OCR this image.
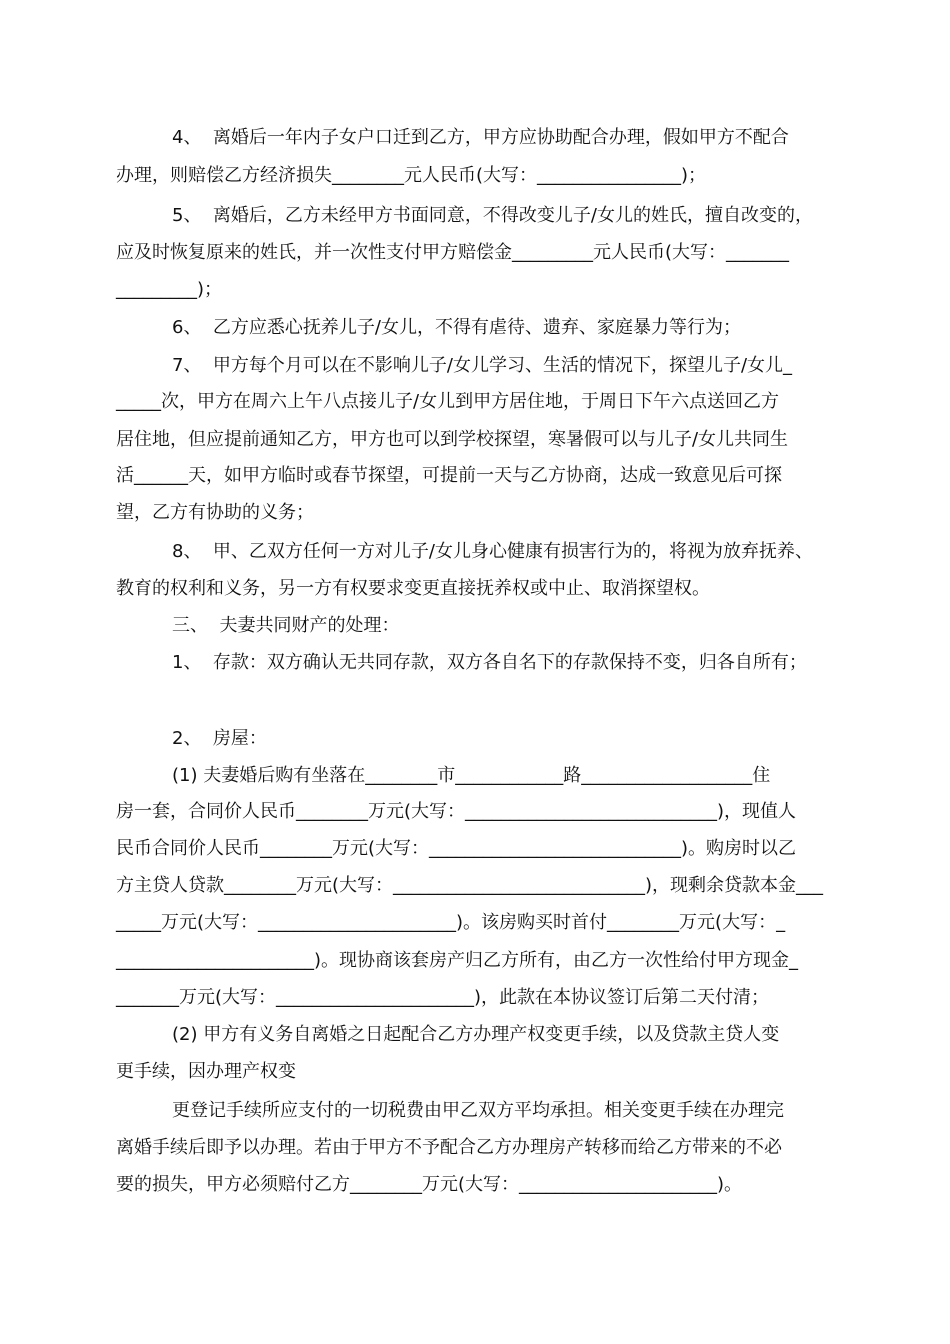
4、  离婚后一年内子女户口迁到乙方，甲方应协助配合办理，假如甲方不配合
办理，则赔偿乙方经济损失________元人民币(大写：________________)；
5、  离婚后，乙方未经甲方书面同意，不得改变儿子/女儿的姓氏，擅自改变的，
应及时恢复原来的姓氏，并一次性支付甲方赔偿金_________元人民币(大写：_______
_________)；
6、  乙方应悉心抚养儿子/女儿，不得有虐待、遗弃、家庭暴力等行为；
7、  甲方每个月可以在不影响儿子/女儿学习、生活的情况下，探望儿子/女儿_
_____次，甲方在周六上午八点接儿子/女儿到甲方居住地，于周日下午六点送回乙方
居住地，但应提前通知乙方，甲方也可以到学校探望，寒暑假可以与儿子/女儿共同生
活______天，如甲方临时或春节探望，可提前一天与乙方协商，达成一致意见后可探
望，乙方有协助的义务；
8、  甲、乙双方任何一方对儿子/女儿身心健康有损害行为的，将视为放弃抚养、
教育的权利和义务，另一方有权要求变更直接抚养权或中止、取消探望权。
三、  夫妻共同财产的处理：
1、  存款：双方确认无共同存款，双方各自名下的存款保持不变，归各自所有；
2、  房屋：
(1) 夫妻婚后购有坐落在________市____________路___________________住
房一套，合同价人民币________万元(大写：____________________________)，现值人
民币合同价人民币________万元(大写：____________________________)。购房时以乙
方主贷人贷款________万元(大写：____________________________)，现剩余贷款本金___
_____万元(大写：______________________)。该房购买时首付________万元(大写：_
______________________)。现协商该套房产归乙方所有，由乙方一次性给付甲方现金_
_______万元(大写：______________________)，此款在本协议签订后第二天付清；
(2) 甲方有义务自离婚之日起配合乙方办理产权变更手续，以及贷款主贷人变
更手续，因办理产权变
更登记手续所应支付的一切税费由甲乙双方平均承担。相关变更手续在办理完
离婚手续后即予以办理。若由于甲方不予配合乙方办理房产转移而给乙方带来的不必
要的损失，甲方必须赔付乙方________万元(大写：______________________)。
